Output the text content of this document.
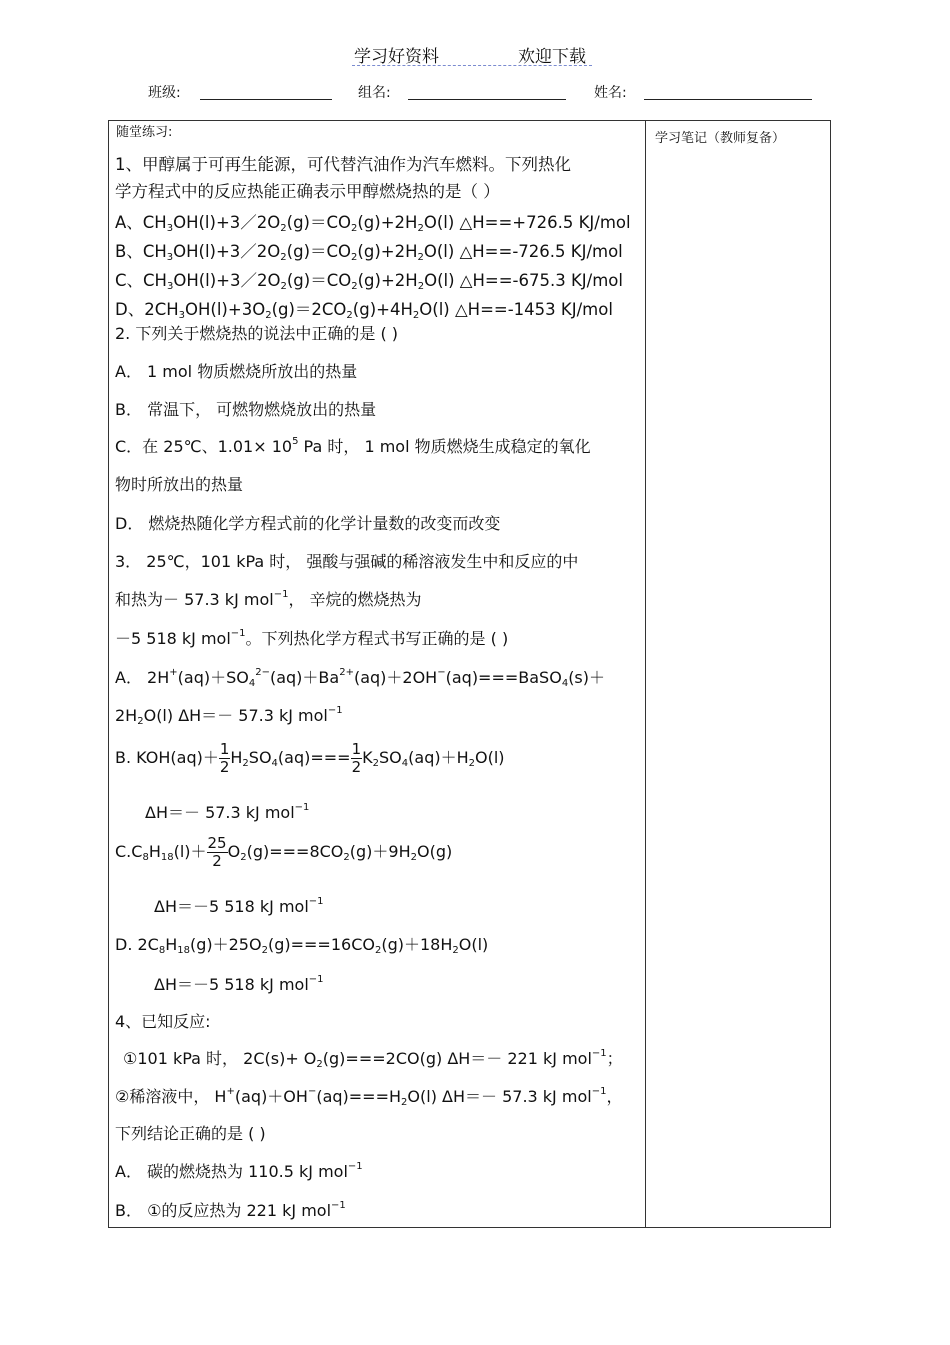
学习好资料	欢迎下载
班级:	组名:	姓名:
学习笔记（教师复备）
随堂练习:
1、甲醇属于可再生能源，可代替汽油作为汽车燃料。下列热化
学方程式中的反应热能正确表示甲醇燃烧热的是（ ）
A、$CH_3OH(l)+3/2O_2(g)=CO_2(g)+2H_2O(l)$ △H==+726.5 KJ/mol
B、$CH_3OH(l)+3/2O_2(g)=CO_2(g)+2H_2O(l)$ △H==-726.5 KJ/mol
C、$CH_3OH(l)+3/2O_2(g)=CO_2(g)+2H_2O(l)$ △H==-675.3 KJ/mol
D、$2CH_3OH(l)+3O_2(g)=2CO_2(g)+4H_2O(l)$ △H==-1453 KJ/mol
2. 下列关于燃烧热的说法中正确的是 ( )
A． 1 mol 物质燃烧所放出的热量
B． 常温下， 可燃物燃烧放出的热量
C．在 25℃、$1.01\times 10^5$ Pa 时， 1 mol 物质燃烧生成稳定的氧化
物时所放出的热量
D． 燃烧热随化学方程式前的化学计量数的改变而改变
3． 25℃，101 kPa 时， 强酸与强碱的稀溶液发生中和反应的中
和热为－ 57.3 kJ mol$^{-1}$， 辛烷的燃烧热为
－5 518 kJ mol$^{-1}$。下列热化学方程式书写正确的是 ( )
A． $2H^+(aq)+SO_4^{2-}(aq)+Ba^{2+}(aq)+2OH^-(aq)===BaSO_4(s)+$
$2H_2O(l)$ ΔH＝－ 57.3 kJ mol$^{-1}$
B. $KOH(aq)+ \frac{1}{2} H_2SO_4(aq)=== \frac{1}{2} K_2SO_4(aq)+H_2O(l)$
ΔH＝－ 57.3 kJ mol$^{-1}$
$C.C_8H_{18}(l)+ \frac{25}{2} O_2(g)===8CO_2(g)+9H_2O(g)$
ΔH＝－5 518 kJ mol$^{-1}$
D. $2C_8H_{18}(g)+25O_2(g)===16CO_2(g)+18H_2O(l)$
ΔH＝－5 518 kJ mol$^{-1}$
4、已知反应:
①101 kPa 时， $2C(s)+ O_2(g)===2CO(g)$ ΔH＝－ 221 kJ mol$^{-1}$；
②稀溶液中， $H^+(aq)+OH^-(aq)===H_2O(l)$ ΔH＝－ 57.3 kJ mol$^{-1}$，
下列结论正确的是 ( )
A． 碳的燃烧热为 110.5 kJ mol$^{-1}$
B． ①的反应热为 221 kJ mol$^{-1}$
